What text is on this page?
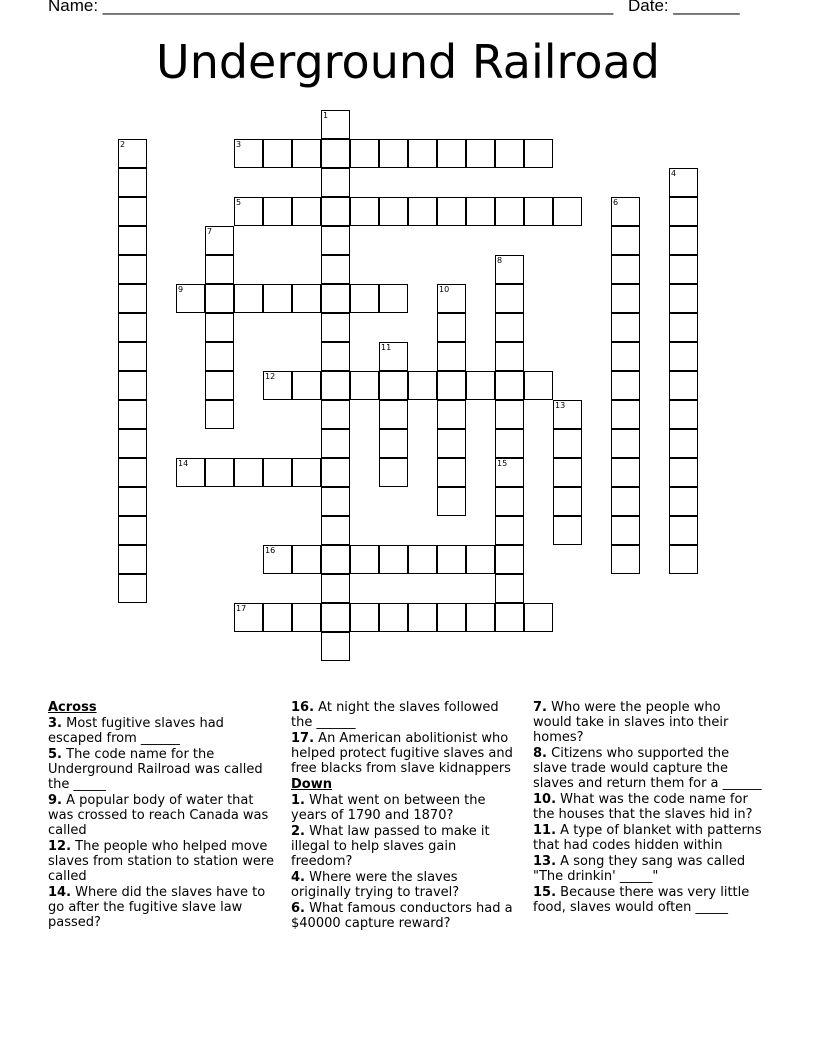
Name: ______________________________________________________

Date: _______

Underground Railroad
1
2	3
4
5	6
7
8
15
9	10
11
12
13
14
16
17
Across
3. Most fugitive slaves had escaped from ______
5. The code name for the Underground Railroad was called the _____
9. A popular body of water that was crossed to reach Canada was called
12. The people who helped move slaves from station to station were called
14. Where did the slaves have to go after the fugitive slave law passed?
16. At night the slaves followed the ______
17. An American abolitionist who helped protect fugitive slaves and free blacks from slave kidnappers
Down
1. What went on between the years of 1790 and 1870?
2. What law passed to make it illegal to help slaves gain freedom?
4. Where were the slaves originally trying to travel?
6. What famous conductors had a $40000 capture reward?
7. Who were the people who would take in slaves into their homes?
8. Citizens who supported the slave trade would capture the slaves and return them for a ______
10. What was the code name for the houses that the slaves hid in?
11. A type of blanket with patterns that had codes hidden within
13. A song they sang was called "The drinkin' _____"
15. Because there was very little food, slaves would often _____
